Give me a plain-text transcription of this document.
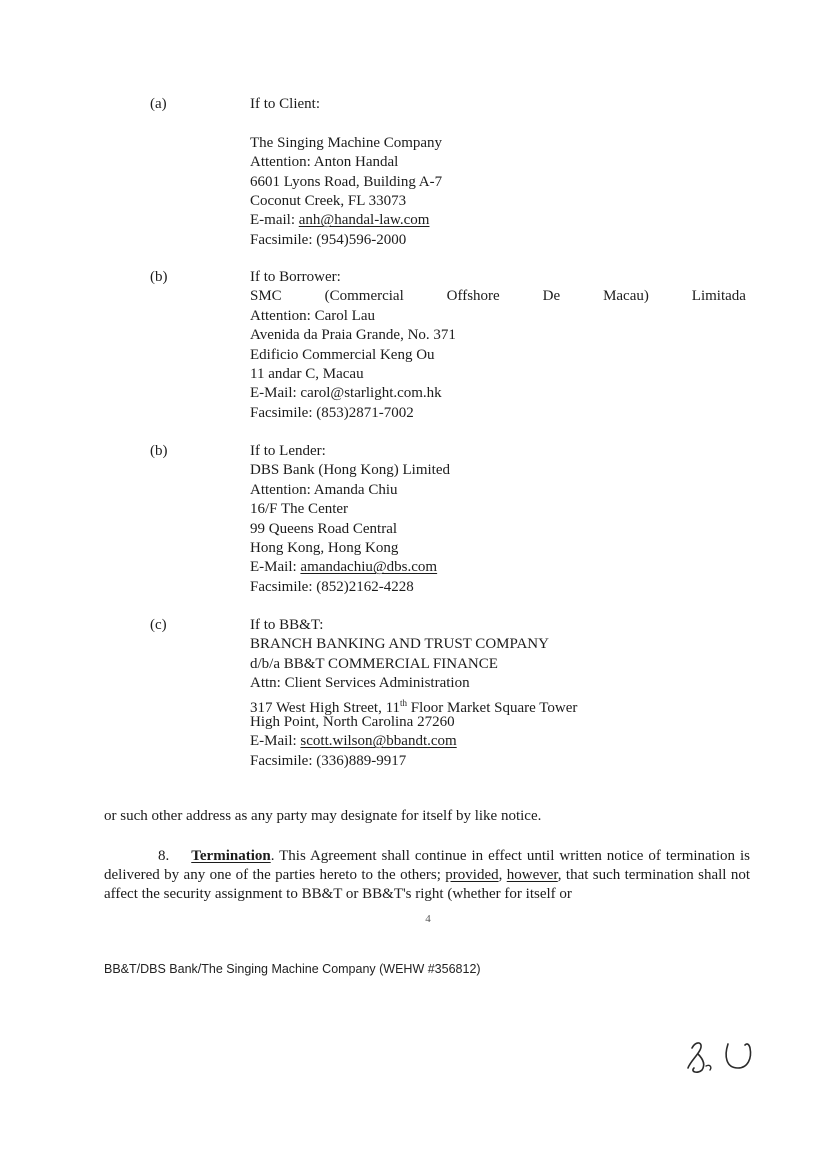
(a)	If to Client:
The Singing Machine Company
Attention: Anton Handal
6601 Lyons Road, Building A-7
Coconut Creek, FL 33073
E-mail: anh@handal-law.com
Facsimile: (954)596-2000
(b)	If to Borrower:
SMC	(Commercial	Offshore	De	Macau)	Limitada
Attention: Carol Lau
Avenida da Praia Grande, No. 371
Edificio Commercial Keng Ou
11 andar C, Macau
E-Mail: carol@starlight.com.hk
Facsimile: (853)2871-7002
(b)	If to Lender:
DBS Bank (Hong Kong) Limited
Attention: Amanda Chiu
16/F The Center
99 Queens Road Central
Hong Kong, Hong Kong
E-Mail: amandachiu@dbs.com
Facsimile: (852)2162-4228
(c)	If to BB&T:
BRANCH BANKING AND TRUST COMPANY
d/b/a BB&T COMMERCIAL FINANCE
Attn: Client Services Administration
317 West High Street, 11th Floor Market Square Tower
High Point, North Carolina 27260
E-Mail: scott.wilson@bbandt.com
Facsimile: (336)889-9917
or such other address as any party may designate for itself by like notice.
8. Termination. This Agreement shall continue in effect until written notice of termination is delivered by any one of the parties hereto to the others; provided, however, that such termination shall not affect the security assignment to BB&T or BB&T's right (whether for itself or
4
BB&T/DBS Bank/The Singing Machine Company (WEHW #356812)
